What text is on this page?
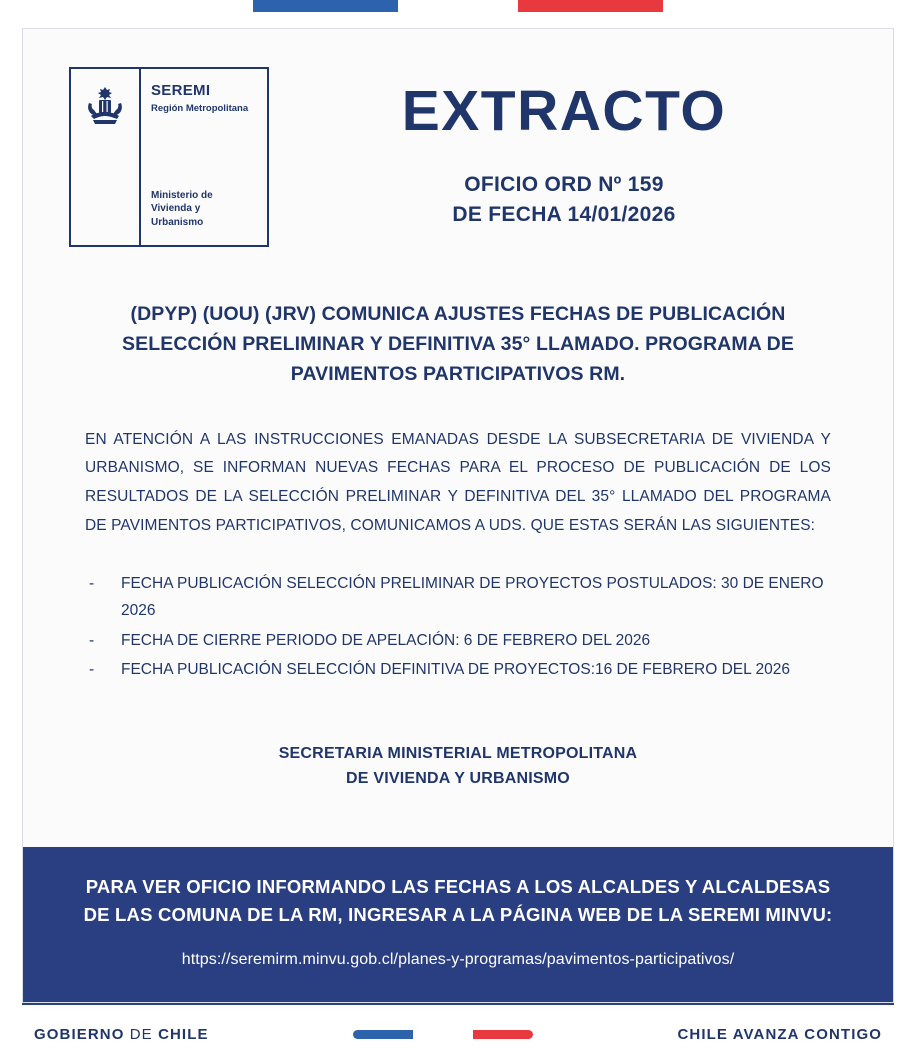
SEREMI
Región Metropolitana
Ministerio de
Vivienda y
Urbanismo
EXTRACTO
OFICIO ORD Nº 159
DE FECHA 14/01/2026
(DPYP) (UOU) (JRV) COMUNICA AJUSTES FECHAS DE PUBLICACIÓN SELECCIÓN PRELIMINAR Y DEFINITIVA 35° LLAMADO. PROGRAMA DE PAVIMENTOS PARTICIPATIVOS RM.
EN ATENCIÓN A LAS INSTRUCCIONES EMANADAS DESDE LA SUBSECRETARIA DE VIVIENDA Y URBANISMO, SE INFORMAN NUEVAS FECHAS PARA EL PROCESO DE PUBLICACIÓN DE LOS RESULTADOS DE LA SELECCIÓN PRELIMINAR Y DEFINITIVA DEL 35° LLAMADO DEL PROGRAMA DE PAVIMENTOS PARTICIPATIVOS, COMUNICAMOS A UDS. QUE ESTAS SERÁN LAS SIGUIENTES:
-	FECHA PUBLICACIÓN SELECCIÓN PRELIMINAR DE PROYECTOS POSTULADOS: 30 DE ENERO 2026
-	FECHA DE CIERRE PERIODO DE APELACIÓN: 6 DE FEBRERO DEL 2026
-	FECHA PUBLICACIÓN SELECCIÓN DEFINITIVA DE PROYECTOS:16 DE FEBRERO DEL 2026
SECRETARIA MINISTERIAL METROPOLITANA
DE VIVIENDA Y URBANISMO
PARA VER OFICIO INFORMANDO LAS FECHAS A LOS ALCALDES Y ALCALDESAS
DE LAS COMUNA DE LA RM, INGRESAR A LA PÁGINA WEB DE LA SEREMI MINVU:
https://seremirm.minvu.gob.cl/planes-y-programas/pavimentos-participativos/
GOBIERNO DE CHILE	CHILE AVANZA CONTIGO
